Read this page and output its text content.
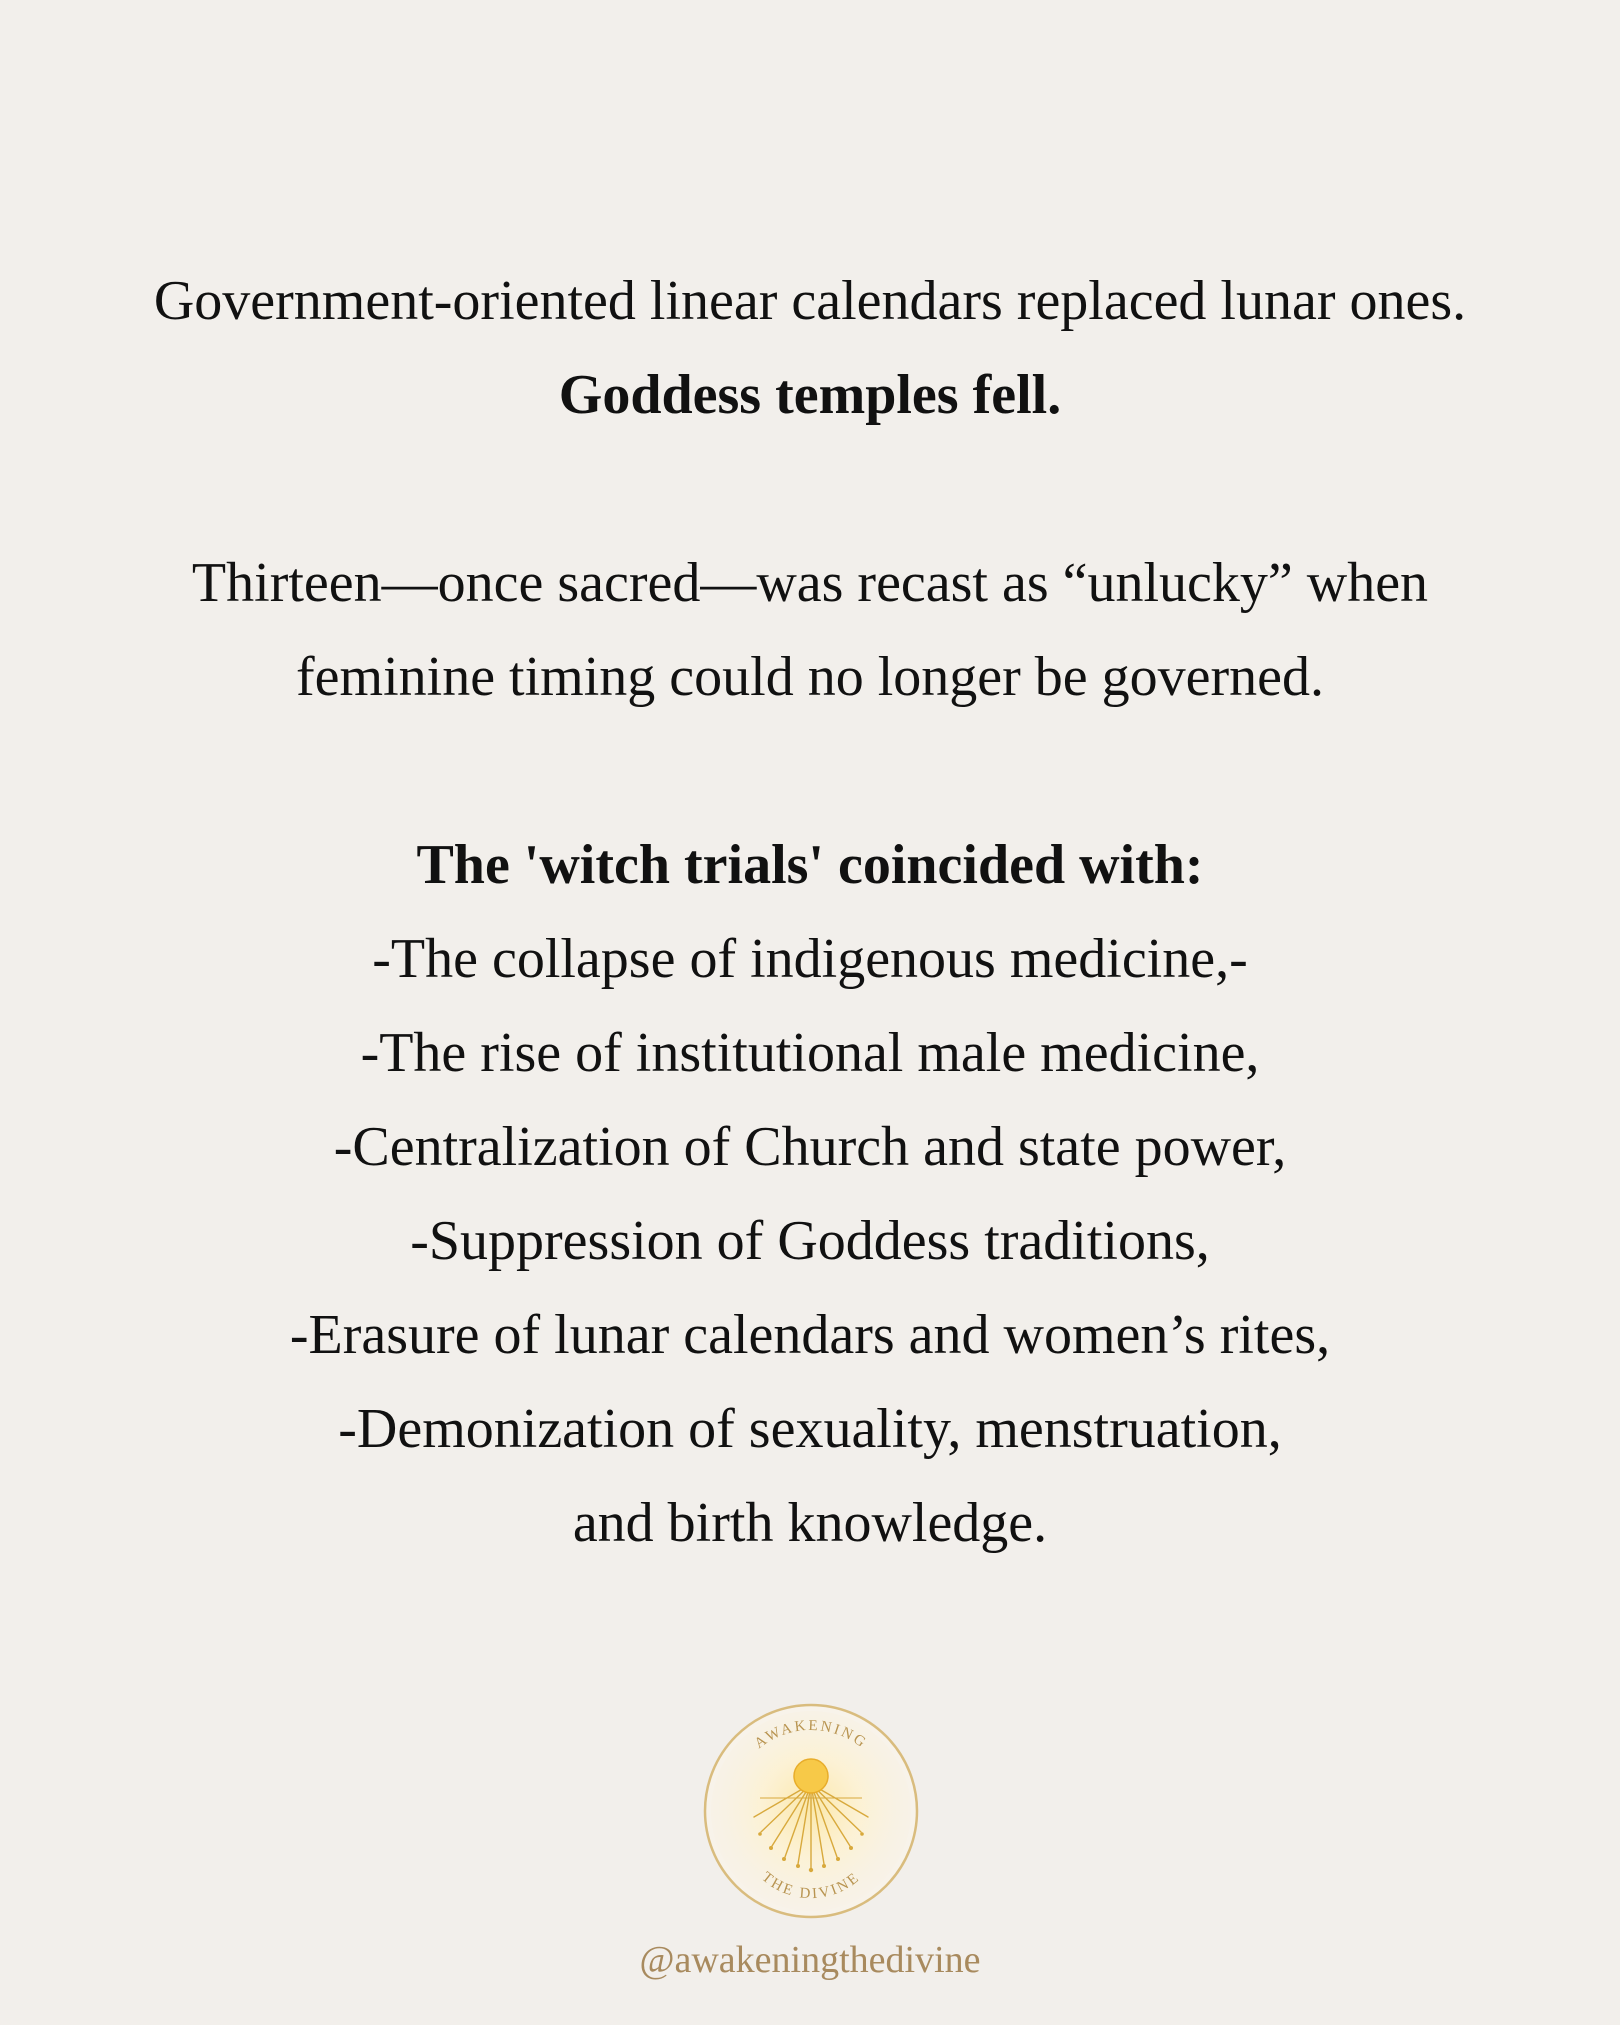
Government-oriented linear calendars replaced lunar ones.
Goddess temples fell.
Thirteen—once sacred—was recast as “unlucky” when
feminine timing could no longer be governed.
The 'witch trials' coincided with:
-The collapse of indigenous medicine,-
-The rise of institutional male medicine,
-Centralization of Church and state power,
-Suppression of Goddess traditions,
-Erasure of lunar calendars and women’s rites,
-Demonization of sexuality, menstruation,
and birth knowledge.
AWAKENING
THE DIVINE
@awakeningthedivine
